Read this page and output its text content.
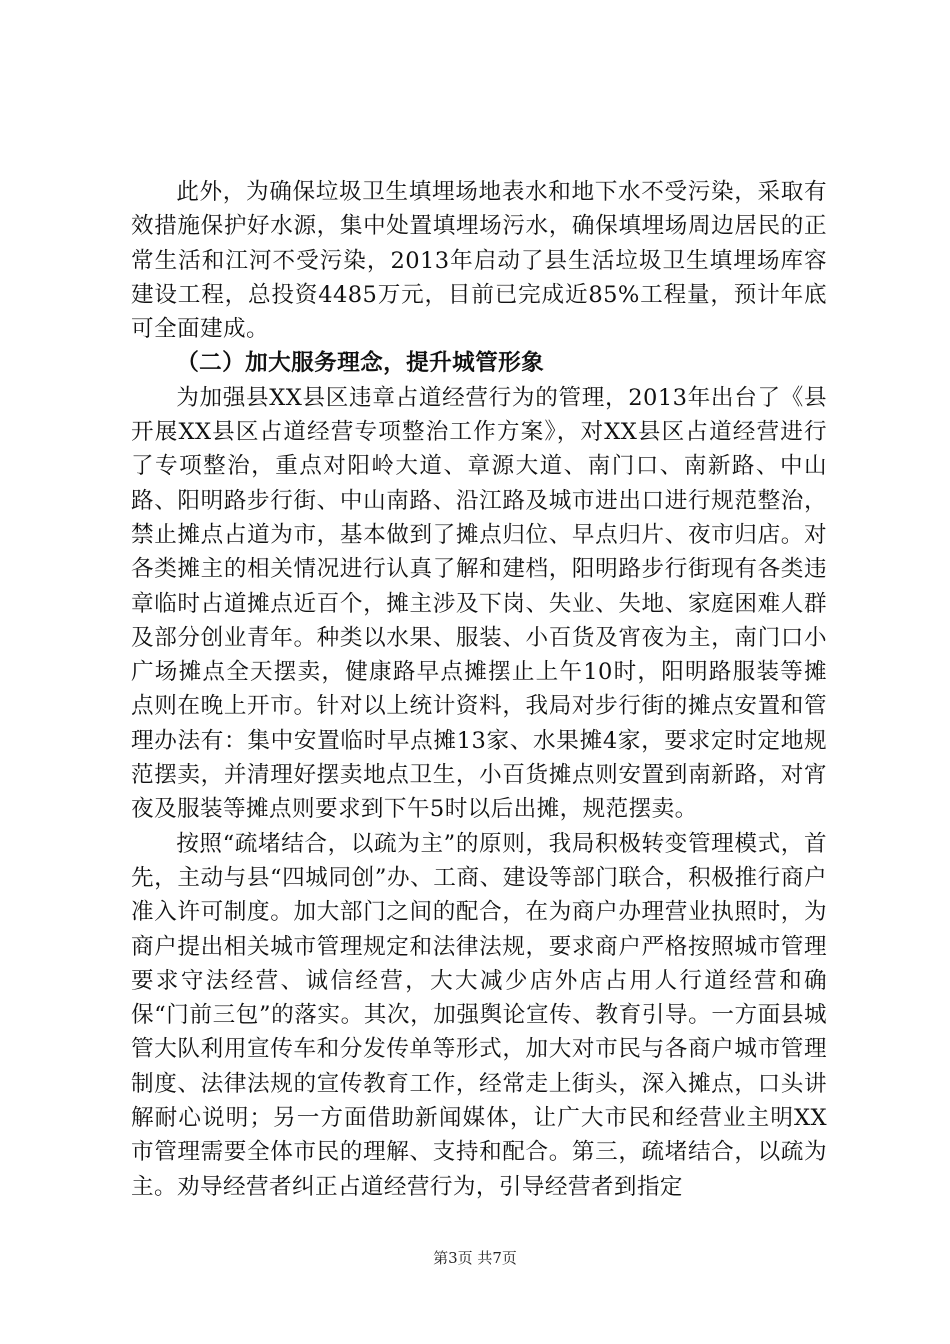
此外，为确保垃圾卫生填埋场地表水和地下水不受污染，采取有效措施保护好水源，集中处置填埋场污水，确保填埋场周边居民的正常生活和江河不受污染，2013年启动了县生活垃圾卫生填埋场库容建设工程，总投资4485万元，目前已完成近85%工程量，预计年底可全面建成。

（二）加大服务理念，提升城管形象

为加强县XX县区违章占道经营行为的管理，2013年出台了《县开展XX县区占道经营专项整治工作方案》，对XX县区占道经营进行了专项整治，重点对阳岭大道、章源大道、南门口、南新路、中山路、阳明路步行街、中山南路、沿江路及城市进出口进行规范整治，禁止摊点占道为市，基本做到了摊点归位、早点归片、夜市归店。对各类摊主的相关情况进行认真了解和建档，阳明路步行街现有各类违章临时占道摊点近百个，摊主涉及下岗、失业、失地、家庭困难人群及部分创业青年。种类以水果、服装、小百货及宵夜为主，南门口小广场摊点全天摆卖，健康路早点摊摆止上午10时，阳明路服装等摊点则在晚上开市。针对以上统计资料，我局对步行街的摊点安置和管理办法有：集中安置临时早点摊13家、水果摊4家，要求定时定地规范摆卖，并清理好摆卖地点卫生，小百货摊点则安置到南新路，对宵夜及服装等摊点则要求到下午5时以后出摊，规范摆卖。

按照“疏堵结合，以疏为主”的原则，我局积极转变管理模式，首先，主动与县“四城同创”办、工商、建设等部门联合，积极推行商户准入许可制度。加大部门之间的配合，在为商户办理营业执照时，为商户提出相关城市管理规定和法律法规，要求商户严格按照城市管理要求守法经营、诚信经营，大大减少店外店占用人行道经营和确保“门前三包”的落实。其次，加强舆论宣传、教育引导。一方面县城管大队利用宣传车和分发传单等形式，加大对市民与各商户城市管理制度、法律法规的宣传教育工作，经常走上街头，深入摊点，口头讲解耐心说明；另一方面借助新闻媒体，让广大市民和经营业主明XX市管理需要全体市民的理解、支持和配合。第三，疏堵结合，以疏为主。劝导经营者纠正占道经营行为，引导经营者到指定

第3页 共7页
